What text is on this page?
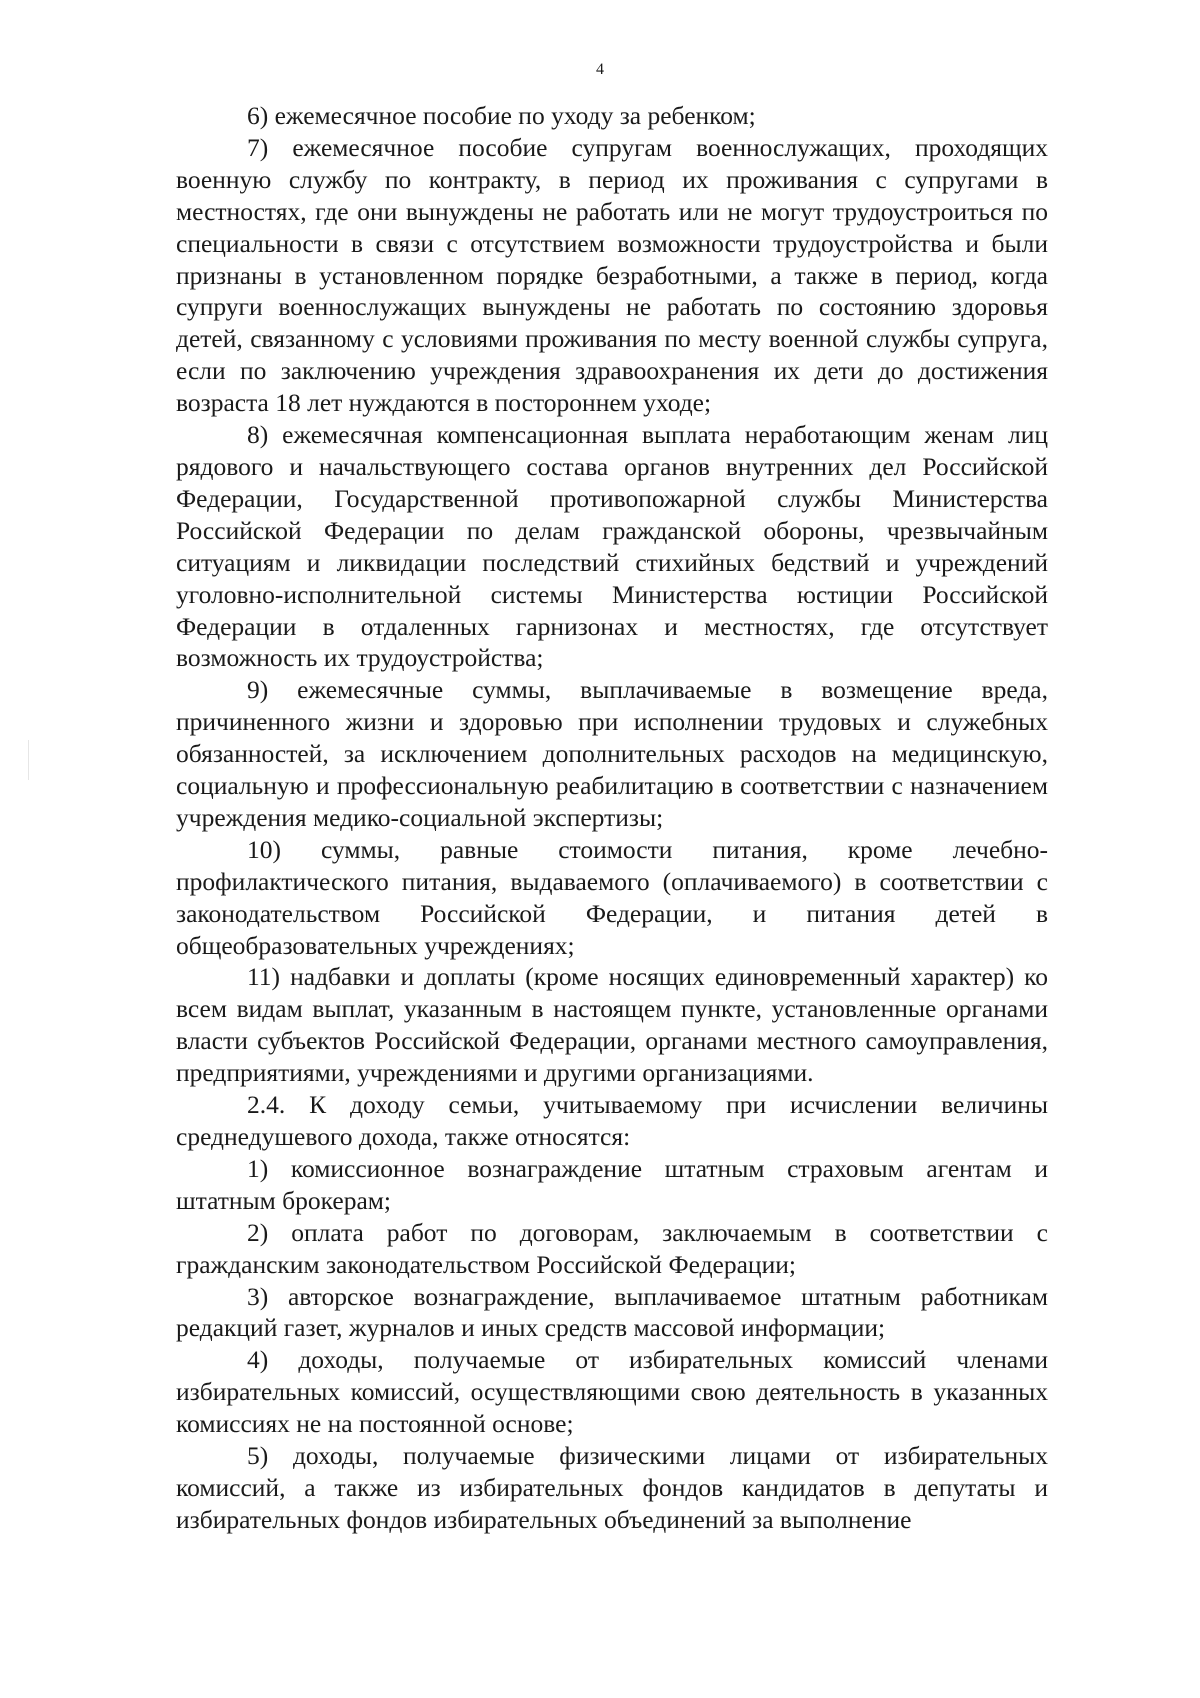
4

6) ежемесячное пособие по уходу за ребенком;

7) ежемесячное пособие супругам военнослужащих, проходящих военную службу по контракту, в период их проживания с супругами в местностях, где они вынуждены не работать или не могут трудоустроиться по специальности в связи с отсутствием возможности трудоустройства и были признаны в установленном порядке безработными, а также в период, когда супруги военнослужащих вынуждены не работать по состоянию здоровья детей, связанному с условиями проживания по месту военной службы супруга, если по заключению учреждения здравоохранения их дети до достижения возраста 18 лет нуждаются в постороннем уходе;

8) ежемесячная компенсационная выплата неработающим женам лиц рядового и начальствующего состава органов внутренних дел Российской Федерации, Государственной противопожарной службы Министерства Российской Федерации по делам гражданской обороны, чрезвычайным ситуациям и ликвидации последствий стихийных бедствий и учреждений уголовно-исполнительной системы Министерства юстиции Российской Федерации в отдаленных гарнизонах и местностях, где отсутствует возможность их трудоустройства;

9) ежемесячные суммы, выплачиваемые в возмещение вреда, причиненного жизни и здоровью при исполнении трудовых и служебных обязанностей, за исключением дополнительных расходов на медицинскую, социальную и профессиональную реабилитацию в соответствии с назначением учреждения медико-социальной экспертизы;

10) суммы, равные стоимости питания, кроме лечебно-профилактического питания, выдаваемого (оплачиваемого) в соответствии с законодательством Российской Федерации, и питания детей в общеобразовательных учреждениях;

11) надбавки и доплаты (кроме носящих единовременный характер) ко всем видам выплат, указанным в настоящем пункте, установленные органами власти субъектов Российской Федерации, органами местного самоуправления, предприятиями, учреждениями и другими организациями.

2.4. К доходу семьи, учитываемому при исчислении величины среднедушевого дохода, также относятся:

1) комиссионное вознаграждение штатным страховым агентам и штатным брокерам;

2) оплата работ по договорам, заключаемым в соответствии с гражданским законодательством Российской Федерации;

3) авторское вознаграждение, выплачиваемое штатным работникам редакций газет, журналов и иных средств массовой информации;

4) доходы, получаемые от избирательных комиссий членами избирательных комиссий, осуществляющими свою деятельность в указанных комиссиях не на постоянной основе;

5) доходы, получаемые физическими лицами от избирательных комиссий, а также из избирательных фондов кандидатов в депутаты и избирательных фондов избирательных объединений за выполнение
